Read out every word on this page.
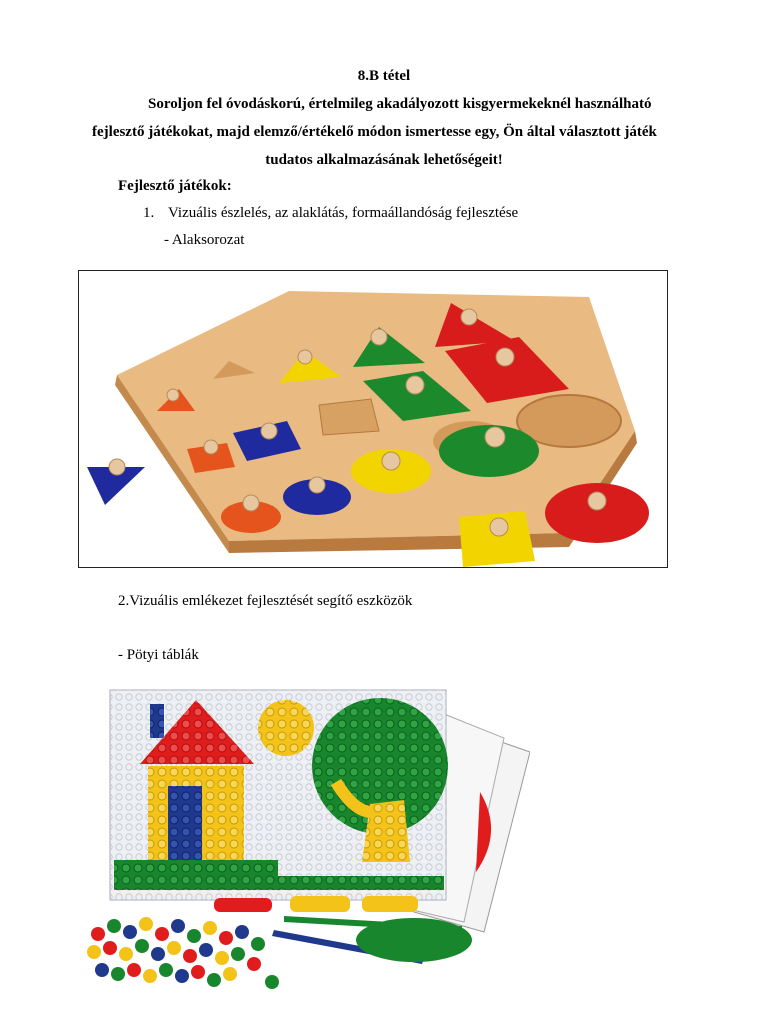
8.B tétel
Soroljon fel óvodáskorú, értelmileg akadályozott kisgyermekeknél használható
fejlesztő játékokat, majd elemző/értékelő módon ismertesse egy, Ön által választott játék
tudatos alkalmazásának lehetőségeit!
Fejlesztő játékok:
1. Vizuális észlelés, az alaklátás, formaállandóság fejlesztése
- Alaksorozat
2.Vizuális emlékezet fejlesztését segítő eszközök
- Pötyi táblák
